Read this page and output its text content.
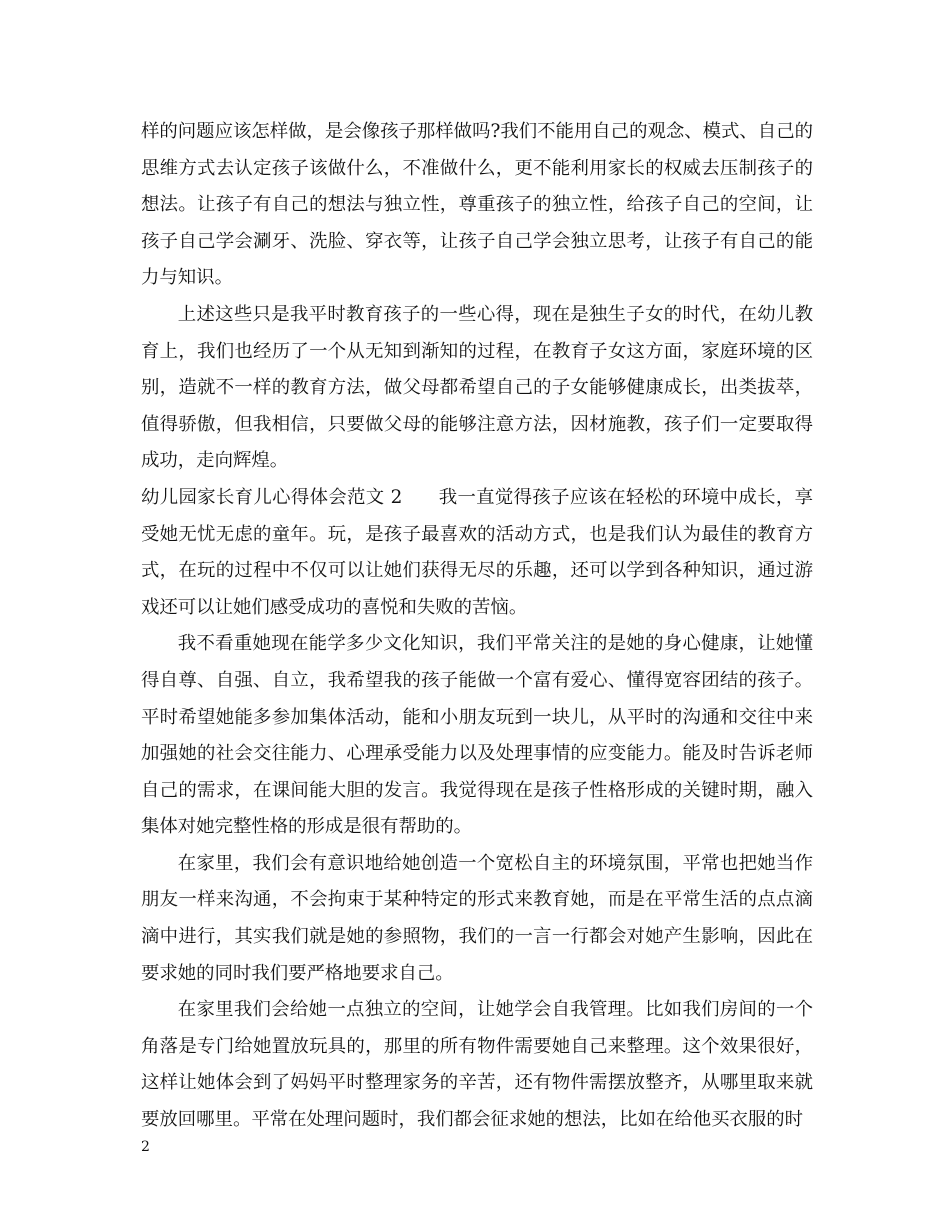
样的问题应该怎样做，是会像孩子那样做吗?我们不能用自己的观念、模式、自己的思维方式去认定孩子该做什么，不准做什么，更不能利用家长的权威去压制孩子的想法。让孩子有自己的想法与独立性，尊重孩子的独立性，给孩子自己的空间，让孩子自己学会涮牙、洗脸、穿衣等，让孩子自己学会独立思考，让孩子有自己的能力与知识。

上述这些只是我平时教育孩子的一些心得，现在是独生子女的时代，在幼儿教育上，我们也经历了一个从无知到渐知的过程，在教育子女这方面，家庭环境的区别，造就不一样的教育方法，做父母都希望自己的子女能够健康成长，出类拔萃，值得骄傲，但我相信，只要做父母的能够注意方法，因材施教，孩子们一定要取得成功，走向辉煌。

幼儿园家长育儿心得体会范文 2 我一直觉得孩子应该在轻松的环境中成长，享受她无忧无虑的童年。玩，是孩子最喜欢的活动方式，也是我们认为最佳的教育方式，在玩的过程中不仅可以让她们获得无尽的乐趣，还可以学到各种知识，通过游戏还可以让她们感受成功的喜悦和失败的苦恼。

我不看重她现在能学多少文化知识，我们平常关注的是她的身心健康，让她懂得自尊、自强、自立，我希望我的孩子能做一个富有爱心、懂得宽容团结的孩子。平时希望她能多参加集体活动，能和小朋友玩到一块儿，从平时的沟通和交往中来加强她的社会交往能力、心理承受能力以及处理事情的应变能力。能及时告诉老师自己的需求，在课间能大胆的发言。我觉得现在是孩子性格形成的关键时期，融入集体对她完整性格的形成是很有帮助的。

在家里，我们会有意识地给她创造一个宽松自主的环境氛围，平常也把她当作朋友一样来沟通，不会拘束于某种特定的形式来教育她，而是在平常生活的点点滴滴中进行，其实我们就是她的参照物，我们的一言一行都会对她产生影响，因此在要求她的同时我们要严格地要求自己。

在家里我们会给她一点独立的空间，让她学会自我管理。比如我们房间的一个角落是专门给她置放玩具的，那里的所有物件需要她自己来整理。这个效果很好，这样让她体会到了妈妈平时整理家务的辛苦，还有物件需摆放整齐，从哪里取来就要放回哪里。平常在处理问题时，我们都会征求她的想法，比如在给他买衣服的时

2
